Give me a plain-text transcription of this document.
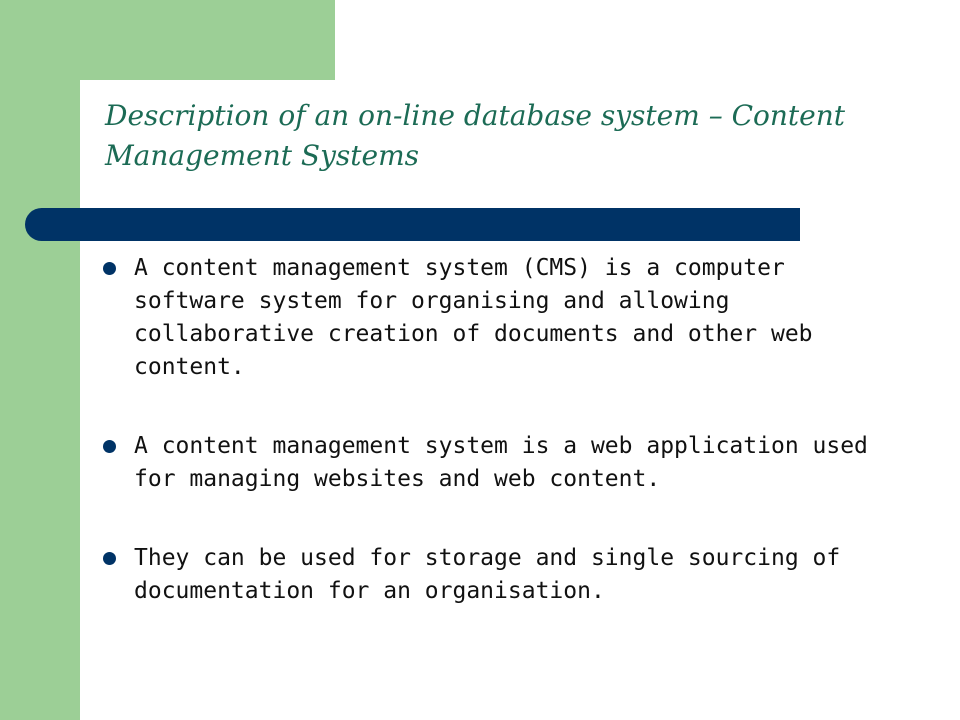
Description of an on-line database system – Content Management Systems
A content management system (CMS) is a computer software system for organising and allowing collaborative creation of documents and other web content.
A content management system is a web application used for managing websites and web content.
They can be used for storage and single sourcing of documentation for an organisation.
